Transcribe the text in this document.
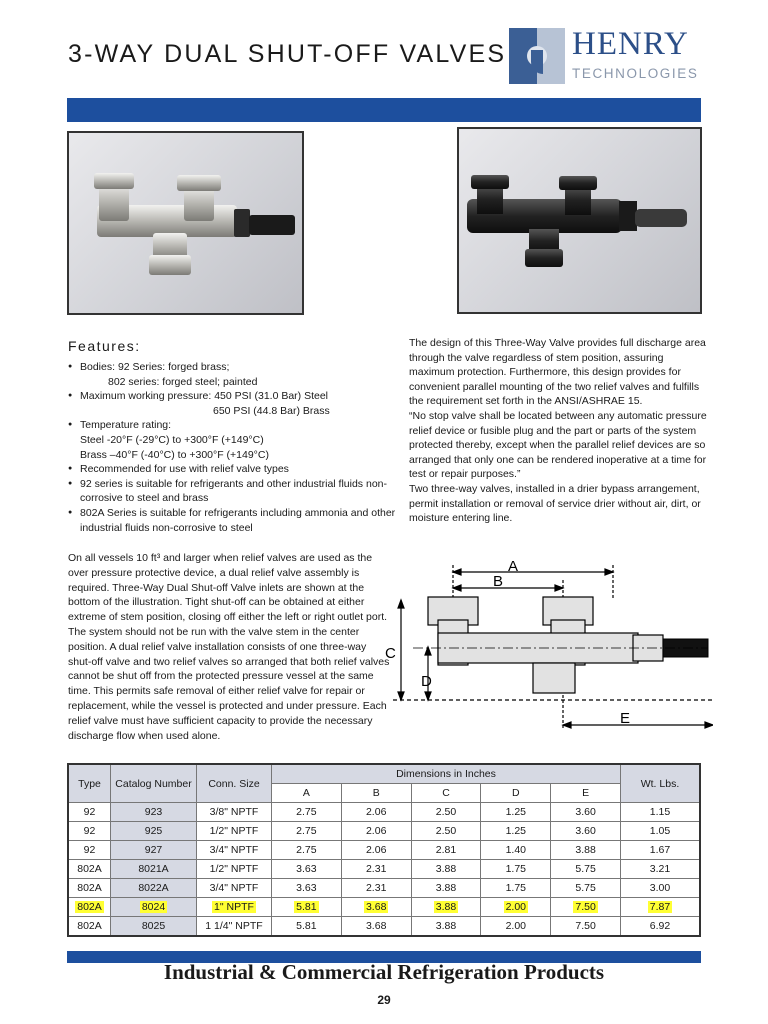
3-WAY DUAL SHUT-OFF VALVES HENRY
TECHNOLOGIES
Features:
● Bodies: 92 Series: forged brass;
802 series: forged steel; painted
● Maximum working pressure: 450 PSI (31.0 Bar) Steel
650 PSI (44.8 Bar) Brass
● Temperature rating:
Steel -20°F (-29°C) to +300°F (+149°C)
Brass –40°F (-40°C) to +300°F (+149°C)
● Recommended for use with relief valve types
● 92 series is suitable for refrigerants and other industrial fluids non-corrosive to steel and brass
● 802A Series is suitable for refrigerants including ammonia and other industrial fluids non-corrosive to steel

The design of this Three-Way Valve provides full discharge area through the valve regardless of stem position, assuring maximum protection. Furthermore, this design provides for convenient parallel mounting of the two relief valves and fulfills the requirement set forth in the ANSI/ASHRAE 15.

“No stop valve shall be located between any automatic pressure relief device or fusible plug and the part or parts of the system protected thereby, except when the parallel relief devices are so arranged that only one can be rendered inoperative at a time for test or repair purposes.”

Two three-way valves, installed in a drier bypass arrangement, permit installation or removal of service drier without air, dirt, or moisture entering line.

On all vessels 10 ft³ and larger when relief valves are used as the over pressure protective device, a dual relief valve assembly is required. Three-Way Dual Shut-off Valve inlets are shown at the bottom of the illustration. Tight shut-off can be obtained at either extreme of stem position, closing off either the left or right outlet port. The system should not be run with the valve stem in the center position. A dual relief valve installation consists of one three-way shut-off valve and two relief valves so arranged that both relief valves cannot be shut off from the protected pressure vessel at the same time. This permits safe removal of either relief valve for repair or replacement, while the vessel is protected and under pressure. Each relief valve must have sufficient capacity to provide the necessary discharge flow when used alone.

A
B
C
D
E
Type	Catalog Number	Conn. Size	Dimensions in Inches					Wt. Lbs.
			A	B	C	D	E	
92	923	3/8" NPTF	2.75	2.06	2.50	1.25	3.60	1.15
92	925	1/2" NPTF	2.75	2.06	2.50	1.25	3.60	1.05
92	927	3/4" NPTF	2.75	2.06	2.81	1.40	3.88	1.67
802A	8021A	1/2" NPTF	3.63	2.31	3.88	1.75	5.75	3.21
802A	8022A	3/4" NPTF	3.63	2.31	3.88	1.75	5.75	3.00
802A	8024	1" NPTF	5.81	3.68	3.88	2.00	7.50	7.87
802A	8025	1 1/4" NPTF	5.81	3.68	3.88	2.00	7.50	6.92
Industrial & Commercial Refrigeration Products
29
